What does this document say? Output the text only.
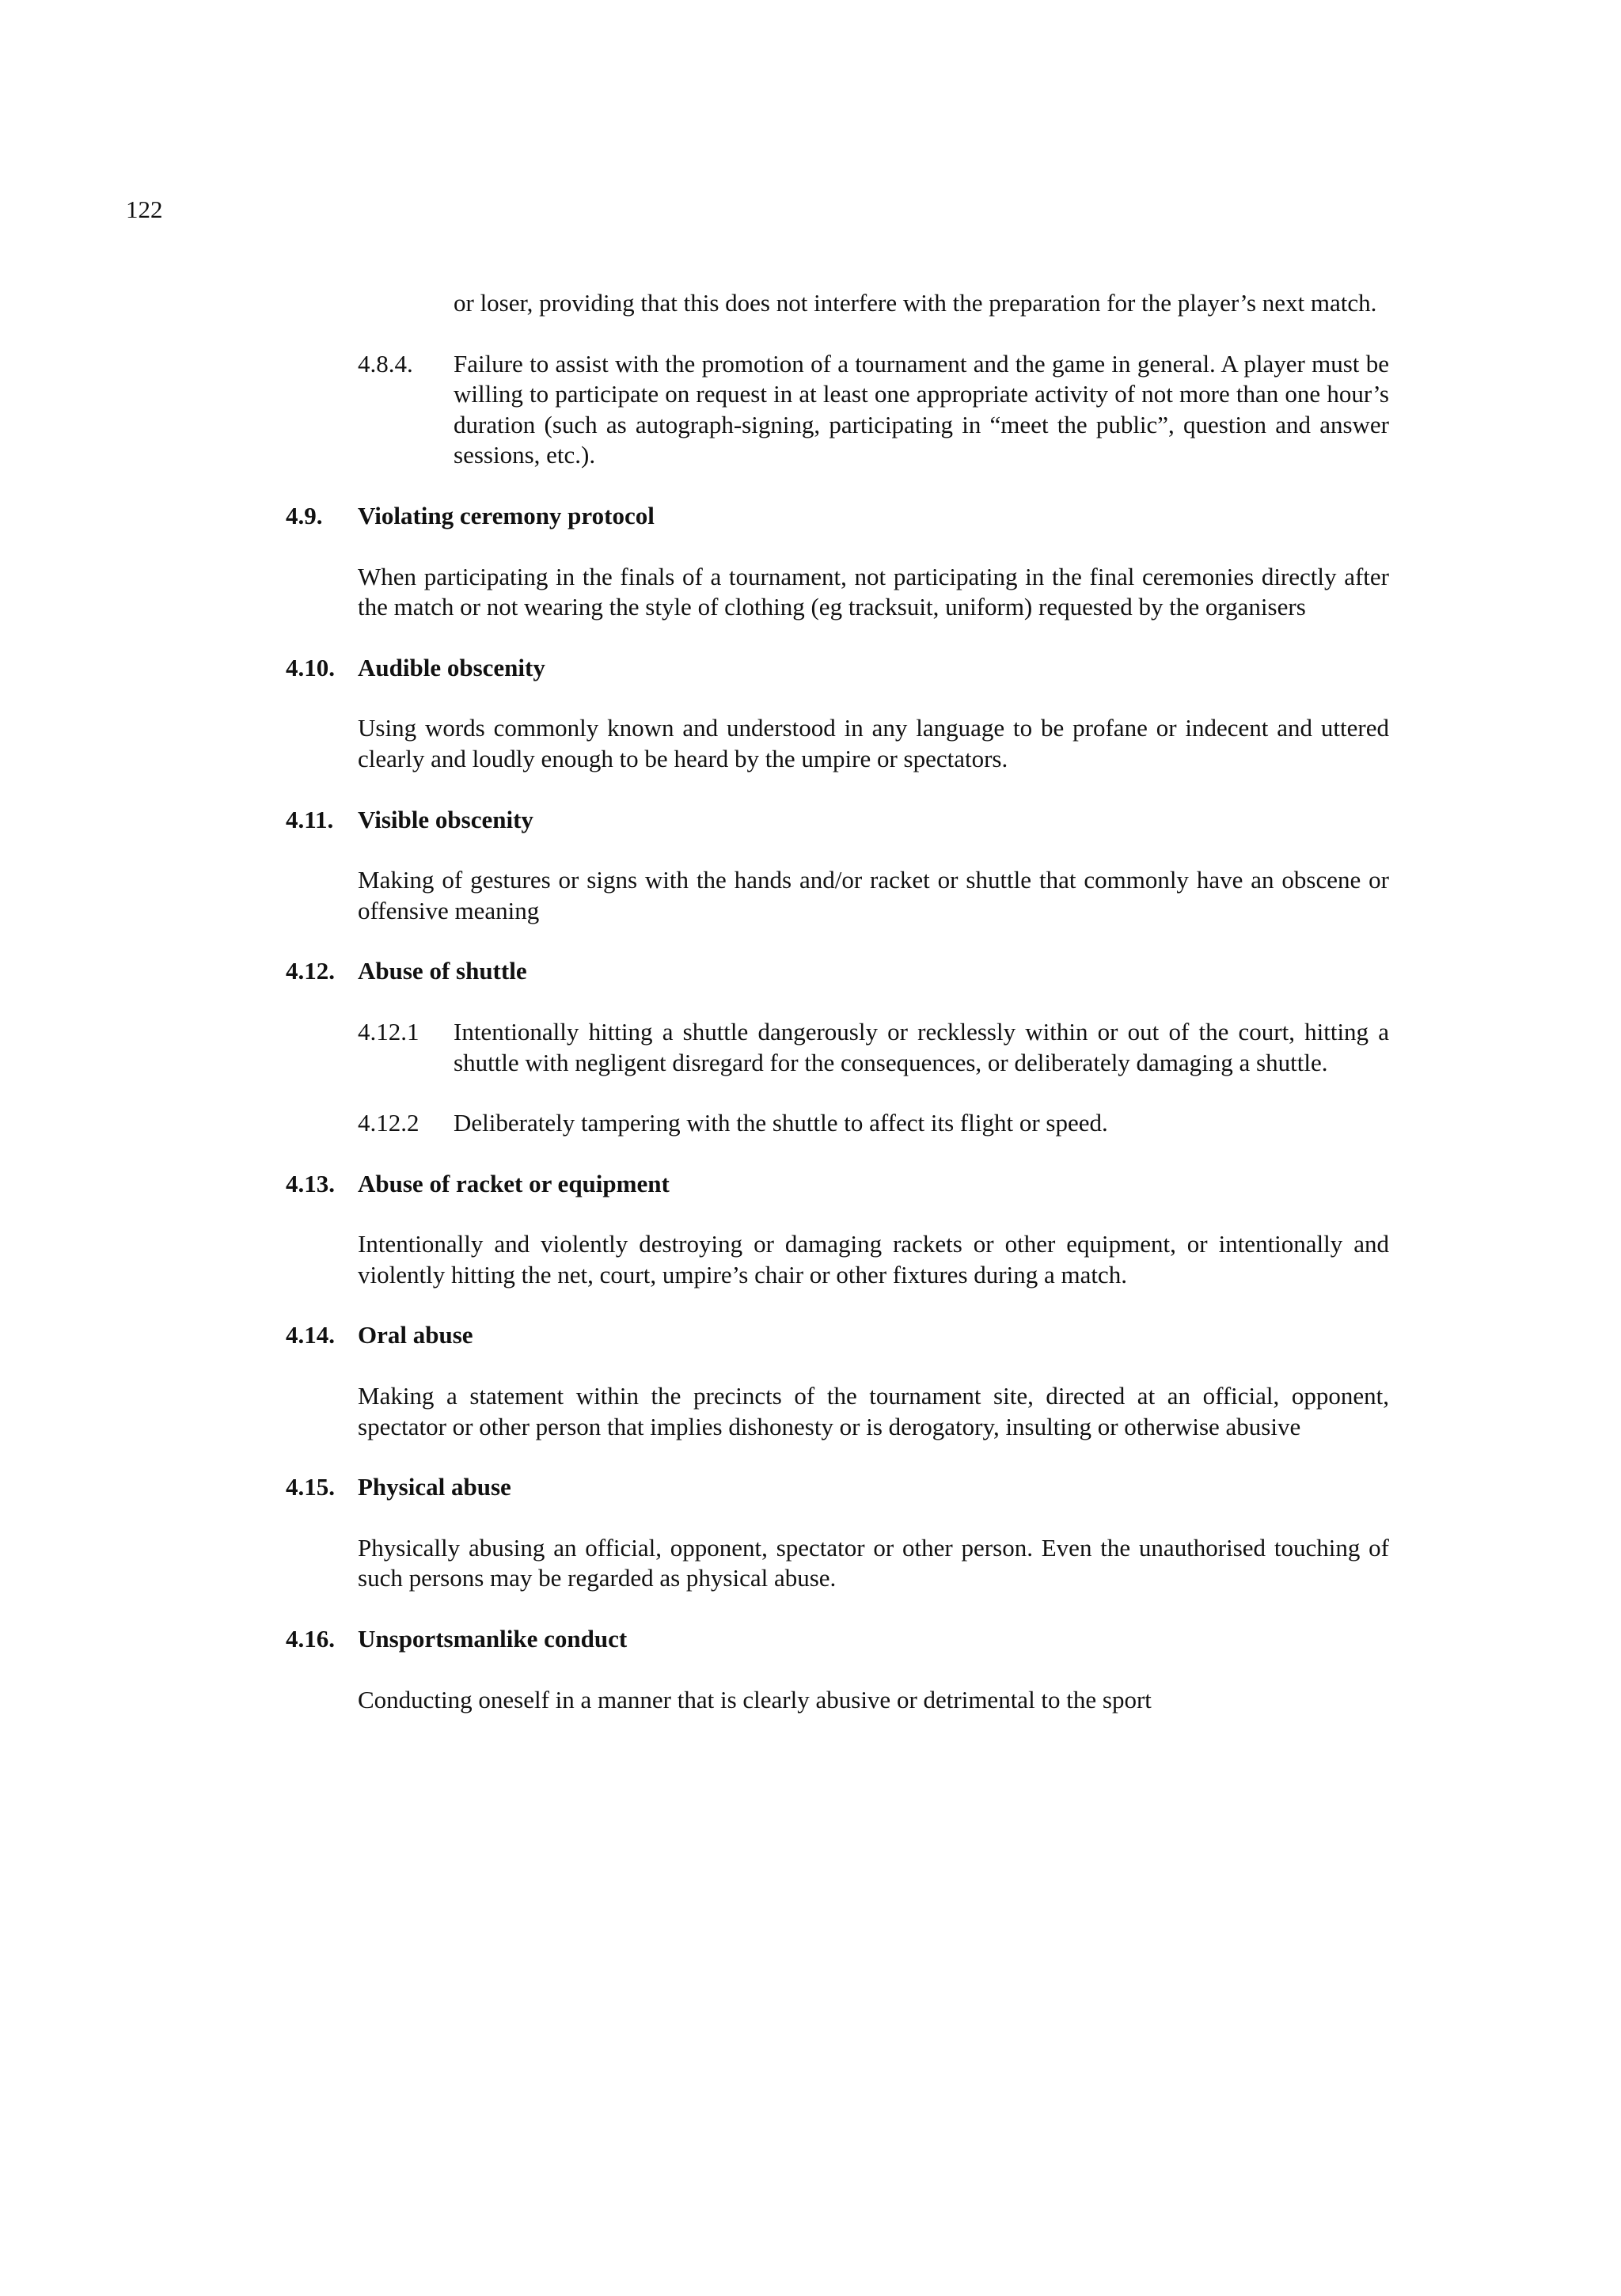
122

or loser, providing that this does not interfere with the preparation for the player’s next match.

4.8.4. Failure to assist with the promotion of a tournament and the game in general. A player must be willing to participate on request in at least one appropriate activity of not more than one hour’s duration (such as autograph-signing, participating in “meet the public”, question and answer sessions, etc.).

4.9. Violating ceremony protocol

When participating in the finals of a tournament, not participating in the final ceremonies directly after the match or not wearing the style of clothing (eg tracksuit, uniform) requested by the organisers

4.10. Audible obscenity

Using words commonly known and understood in any language to be profane or indecent and uttered clearly and loudly enough to be heard by the umpire or spectators.

4.11. Visible obscenity

Making of gestures or signs with the hands and/or racket or shuttle that commonly have an obscene or offensive meaning

4.12. Abuse of shuttle
4.12.1 Intentionally hitting a shuttle dangerously or recklessly within or out of the court, hitting a shuttle with negligent disregard for the consequences, or deliberately damaging a shuttle.

4.12.2 Deliberately tampering with the shuttle to affect its flight or speed.

4.13. Abuse of racket or equipment

Intentionally and violently destroying or damaging rackets or other equipment, or intentionally and violently hitting the net, court, umpire’s chair or other fixtures during a match.

4.14. Oral abuse

Making a statement within the precincts of the tournament site, directed at an official, opponent, spectator or other person that implies dishonesty or is derogatory, insulting or otherwise abusive

4.15. Physical abuse

Physically abusing an official, opponent, spectator or other person. Even the unauthorised touching of such persons may be regarded as physical abuse.

4.16. Unsportsmanlike conduct

Conducting oneself in a manner that is clearly abusive or detrimental to the sport
